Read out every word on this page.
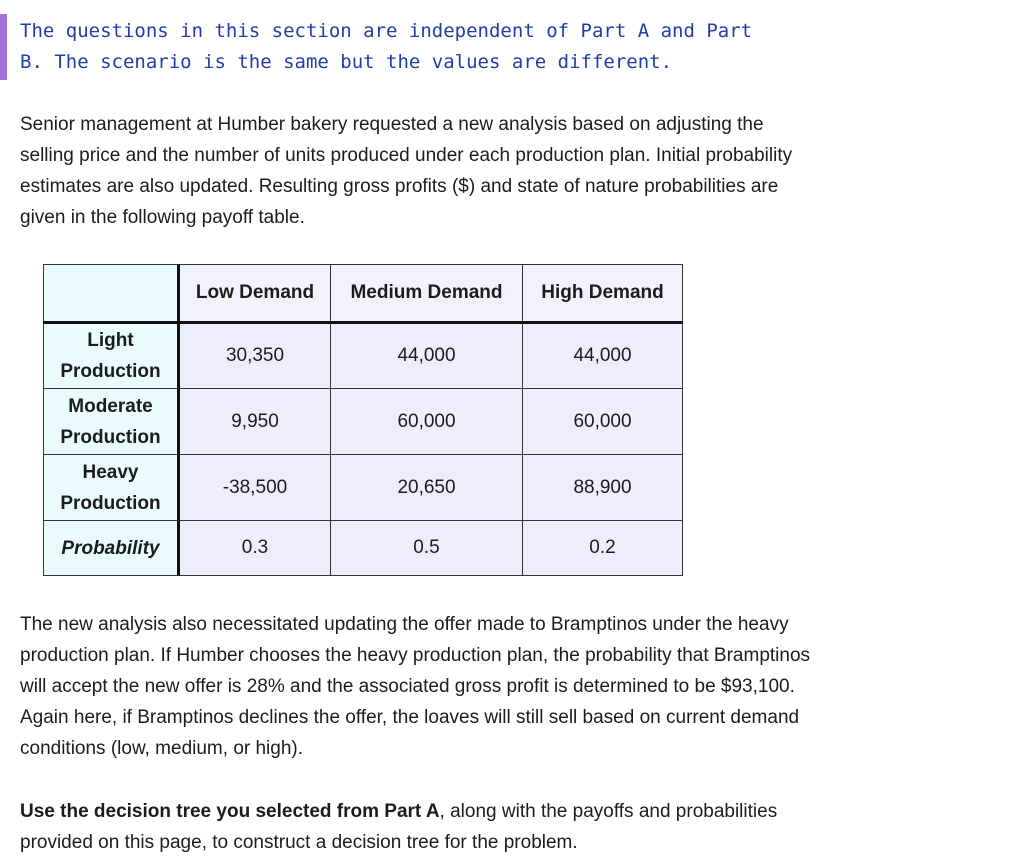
The questions in this section are independent of Part A and Part
B. The scenario is the same but the values are different.

Senior management at Humber bakery requested a new analysis based on adjusting the selling price and the number of units produced under each production plan. Initial probability estimates are also updated. Resulting gross profits ($) and state of nature probabilities are given in the following payoff table.

	Low Demand	Medium Demand	High Demand
Light
Production	30,350	44,000	44,000
Moderate
Production	9,950	60,000	60,000
Heavy
Production	-38,500	20,650	88,900
Probability	0.3	0.5	0.2

The new analysis also necessitated updating the offer made to Bramptinos under the heavy production plan. If Humber chooses the heavy production plan, the probability that Bramptinos will accept the new offer is 28% and the associated gross profit is determined to be $93,100. Again here, if Bramptinos declines the offer, the loaves will still sell based on current demand conditions (low, medium, or high).

Use the decision tree you selected from Part A, along with the payoffs and probabilities provided on this page, to construct a decision tree for the problem.
